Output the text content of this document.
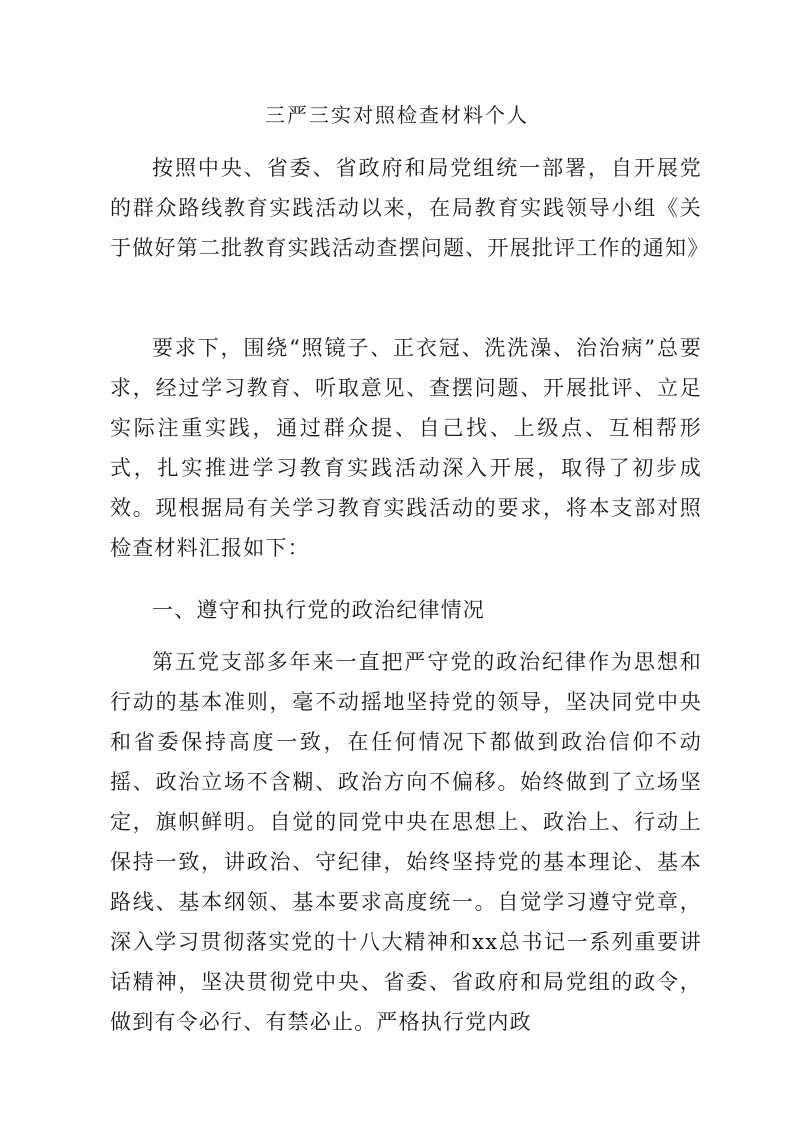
三严三实对照检查材料个人

按照中央、省委、省政府和局党组统一部署，自开展党的群众路线教育实践活动以来，在局教育实践领导小组《关于做好第二批教育实践活动查摆问题、开展批评工作的通知》

要求下，围绕“照镜子、正衣冠、洗洗澡、治治病”总要求，经过学习教育、听取意见、查摆问题、开展批评、立足实际注重实践，通过群众提、自己找、上级点、互相帮形式，扎实推进学习教育实践活动深入开展，取得了初步成效。现根据局有关学习教育实践活动的要求，将本支部对照检查材料汇报如下：

一、遵守和执行党的政治纪律情况

第五党支部多年来一直把严守党的政治纪律作为思想和行动的基本准则，毫不动摇地坚持党的领导，坚决同党中央和省委保持高度一致，在任何情况下都做到政治信仰不动摇、政治立场不含糊、政治方向不偏移。始终做到了立场坚定，旗帜鲜明。自觉的同党中央在思想上、政治上、行动上保持一致，讲政治、守纪律，始终坚持党的基本理论、基本路线、基本纲领、基本要求高度统一。自觉学习遵守党章，深入学习贯彻落实党的十八大精神和xx总书记一系列重要讲话精神，坚决贯彻党中央、省委、省政府和局党组的政令，做到有令必行、有禁必止。严格执行党内政
